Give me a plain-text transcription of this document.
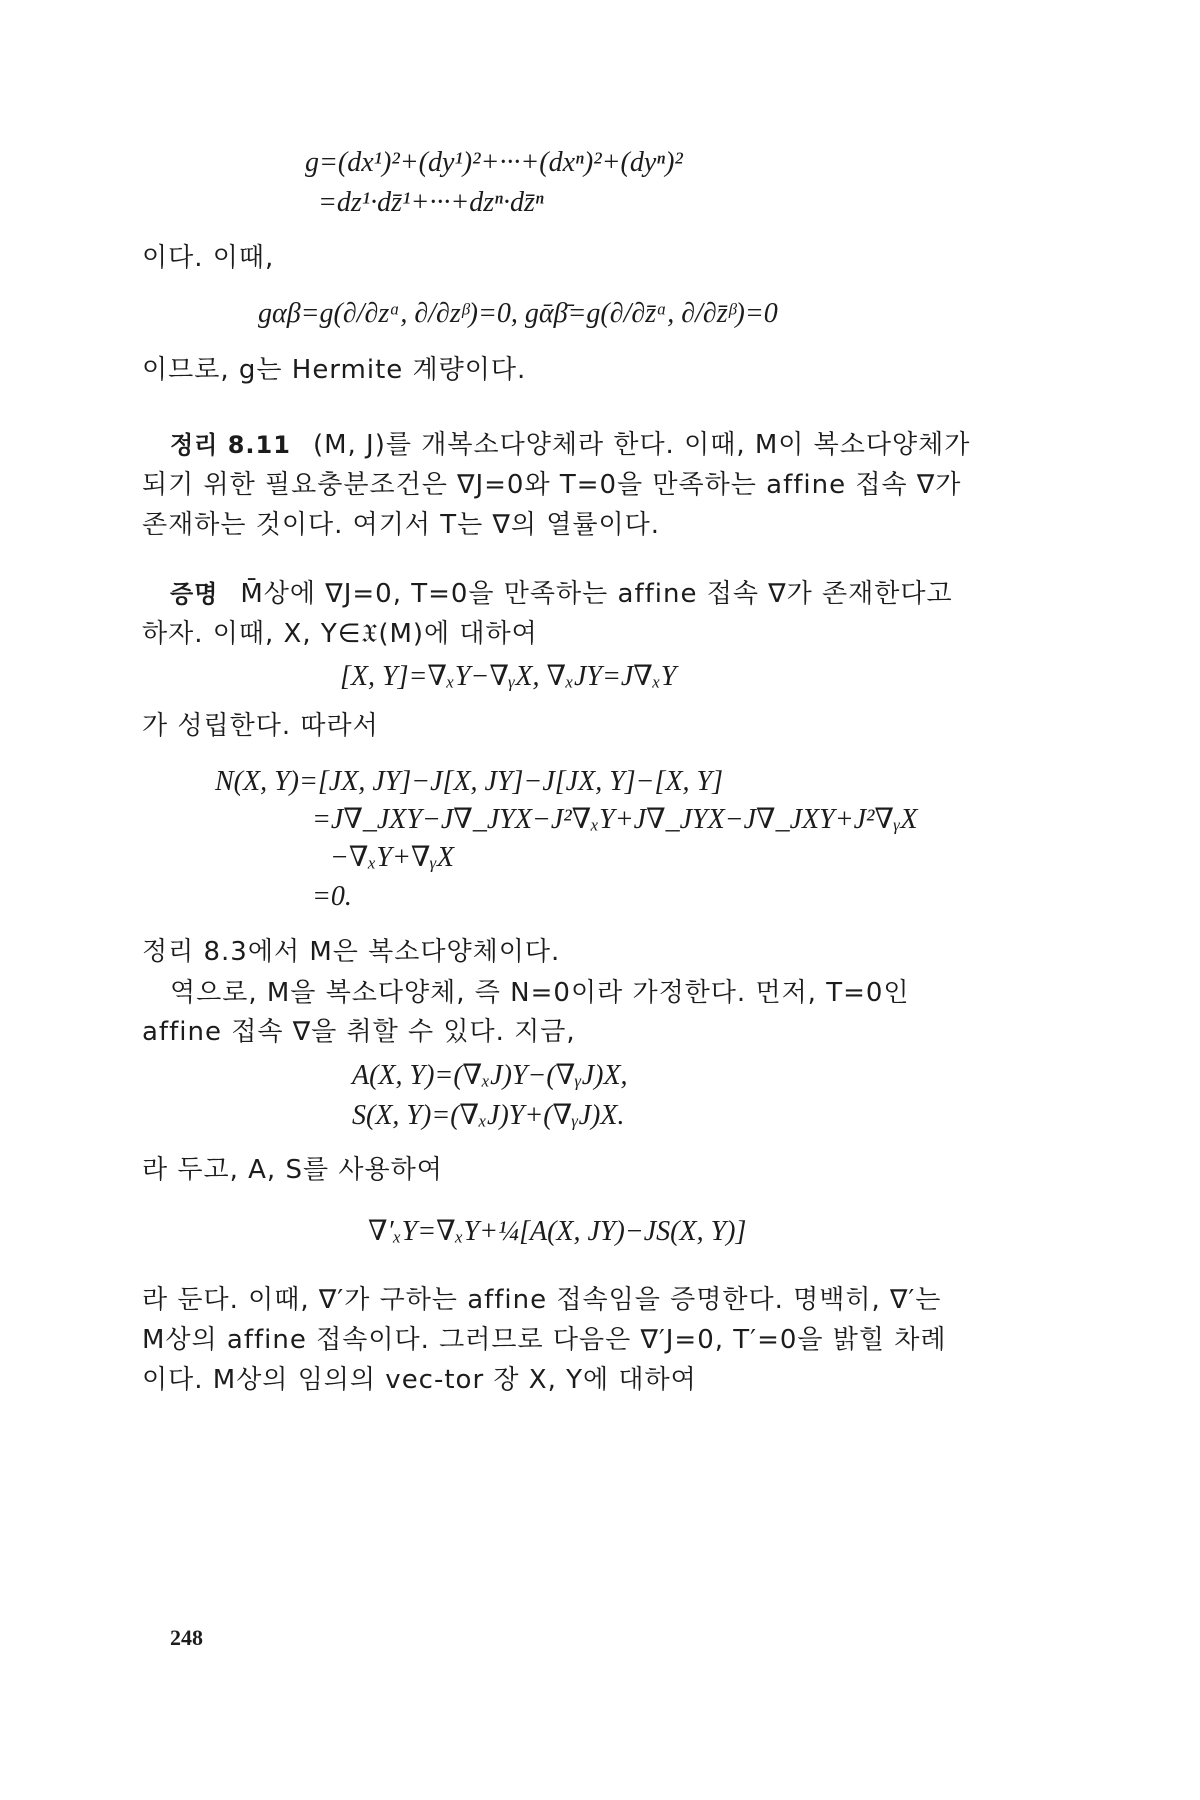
g=(dx¹)²+(dy¹)²+···+(dxⁿ)²+(dyⁿ)²
=dz¹·dz̄¹+···+dzⁿ·dz̄ⁿ
이다. 이때,
gαβ=g(∂/∂zᵅ, ∂/∂zᵝ)=0, gᾱβ̄=g(∂/∂z̄ᵅ, ∂/∂z̄ᵝ)=0
이므로, g는 Hermite 계량이다.
정리 8.11 (M, J)를 개복소다양체라 한다. 이때, M이 복소다양체가
되기 위한 필요충분조건은 ∇J=0와 T=0을 만족하는 affine 접속 ∇가
존재하는 것이다. 여기서 T는 ∇의 열률이다.
증명 M̄상에 ∇J=0, T=0을 만족하는 affine 접속 ∇가 존재한다고
하자. 이때, X, Y∈𝔛(M)에 대하여
[X, Y]=∇ₓY−∇ᵧX, ∇ₓJY=J∇ₓY
가 성립한다. 따라서
N(X, Y)=[JX, JY]−J[X, JY]−J[JX, Y]−[X, Y]
=J∇_JXY−J∇_JYX−J²∇ₓY+J∇_JYX−J∇_JXY+J²∇ᵧX
−∇ₓY+∇ᵧX
=0.
정리 8.3에서 M은 복소다양체이다.
역으로, M을 복소다양체, 즉 N=0이라 가정한다. 먼저, T=0인
affine 접속 ∇을 취할 수 있다. 지금,
A(X, Y)=(∇ₓJ)Y−(∇ᵧJ)X,
S(X, Y)=(∇ₓJ)Y+(∇ᵧJ)X.
라 두고, A, S를 사용하여
∇′ₓY=∇ₓY+¼[A(X, JY)−JS(X, Y)]
라 둔다. 이때, ∇′가 구하는 affine 접속임을 증명한다. 명백히, ∇′는
M상의 affine 접속이다. 그러므로 다음은 ∇′J=0, T′=0을 밝힐 차례
이다. M상의 임의의 vec-tor 장 X, Y에 대하여
248
